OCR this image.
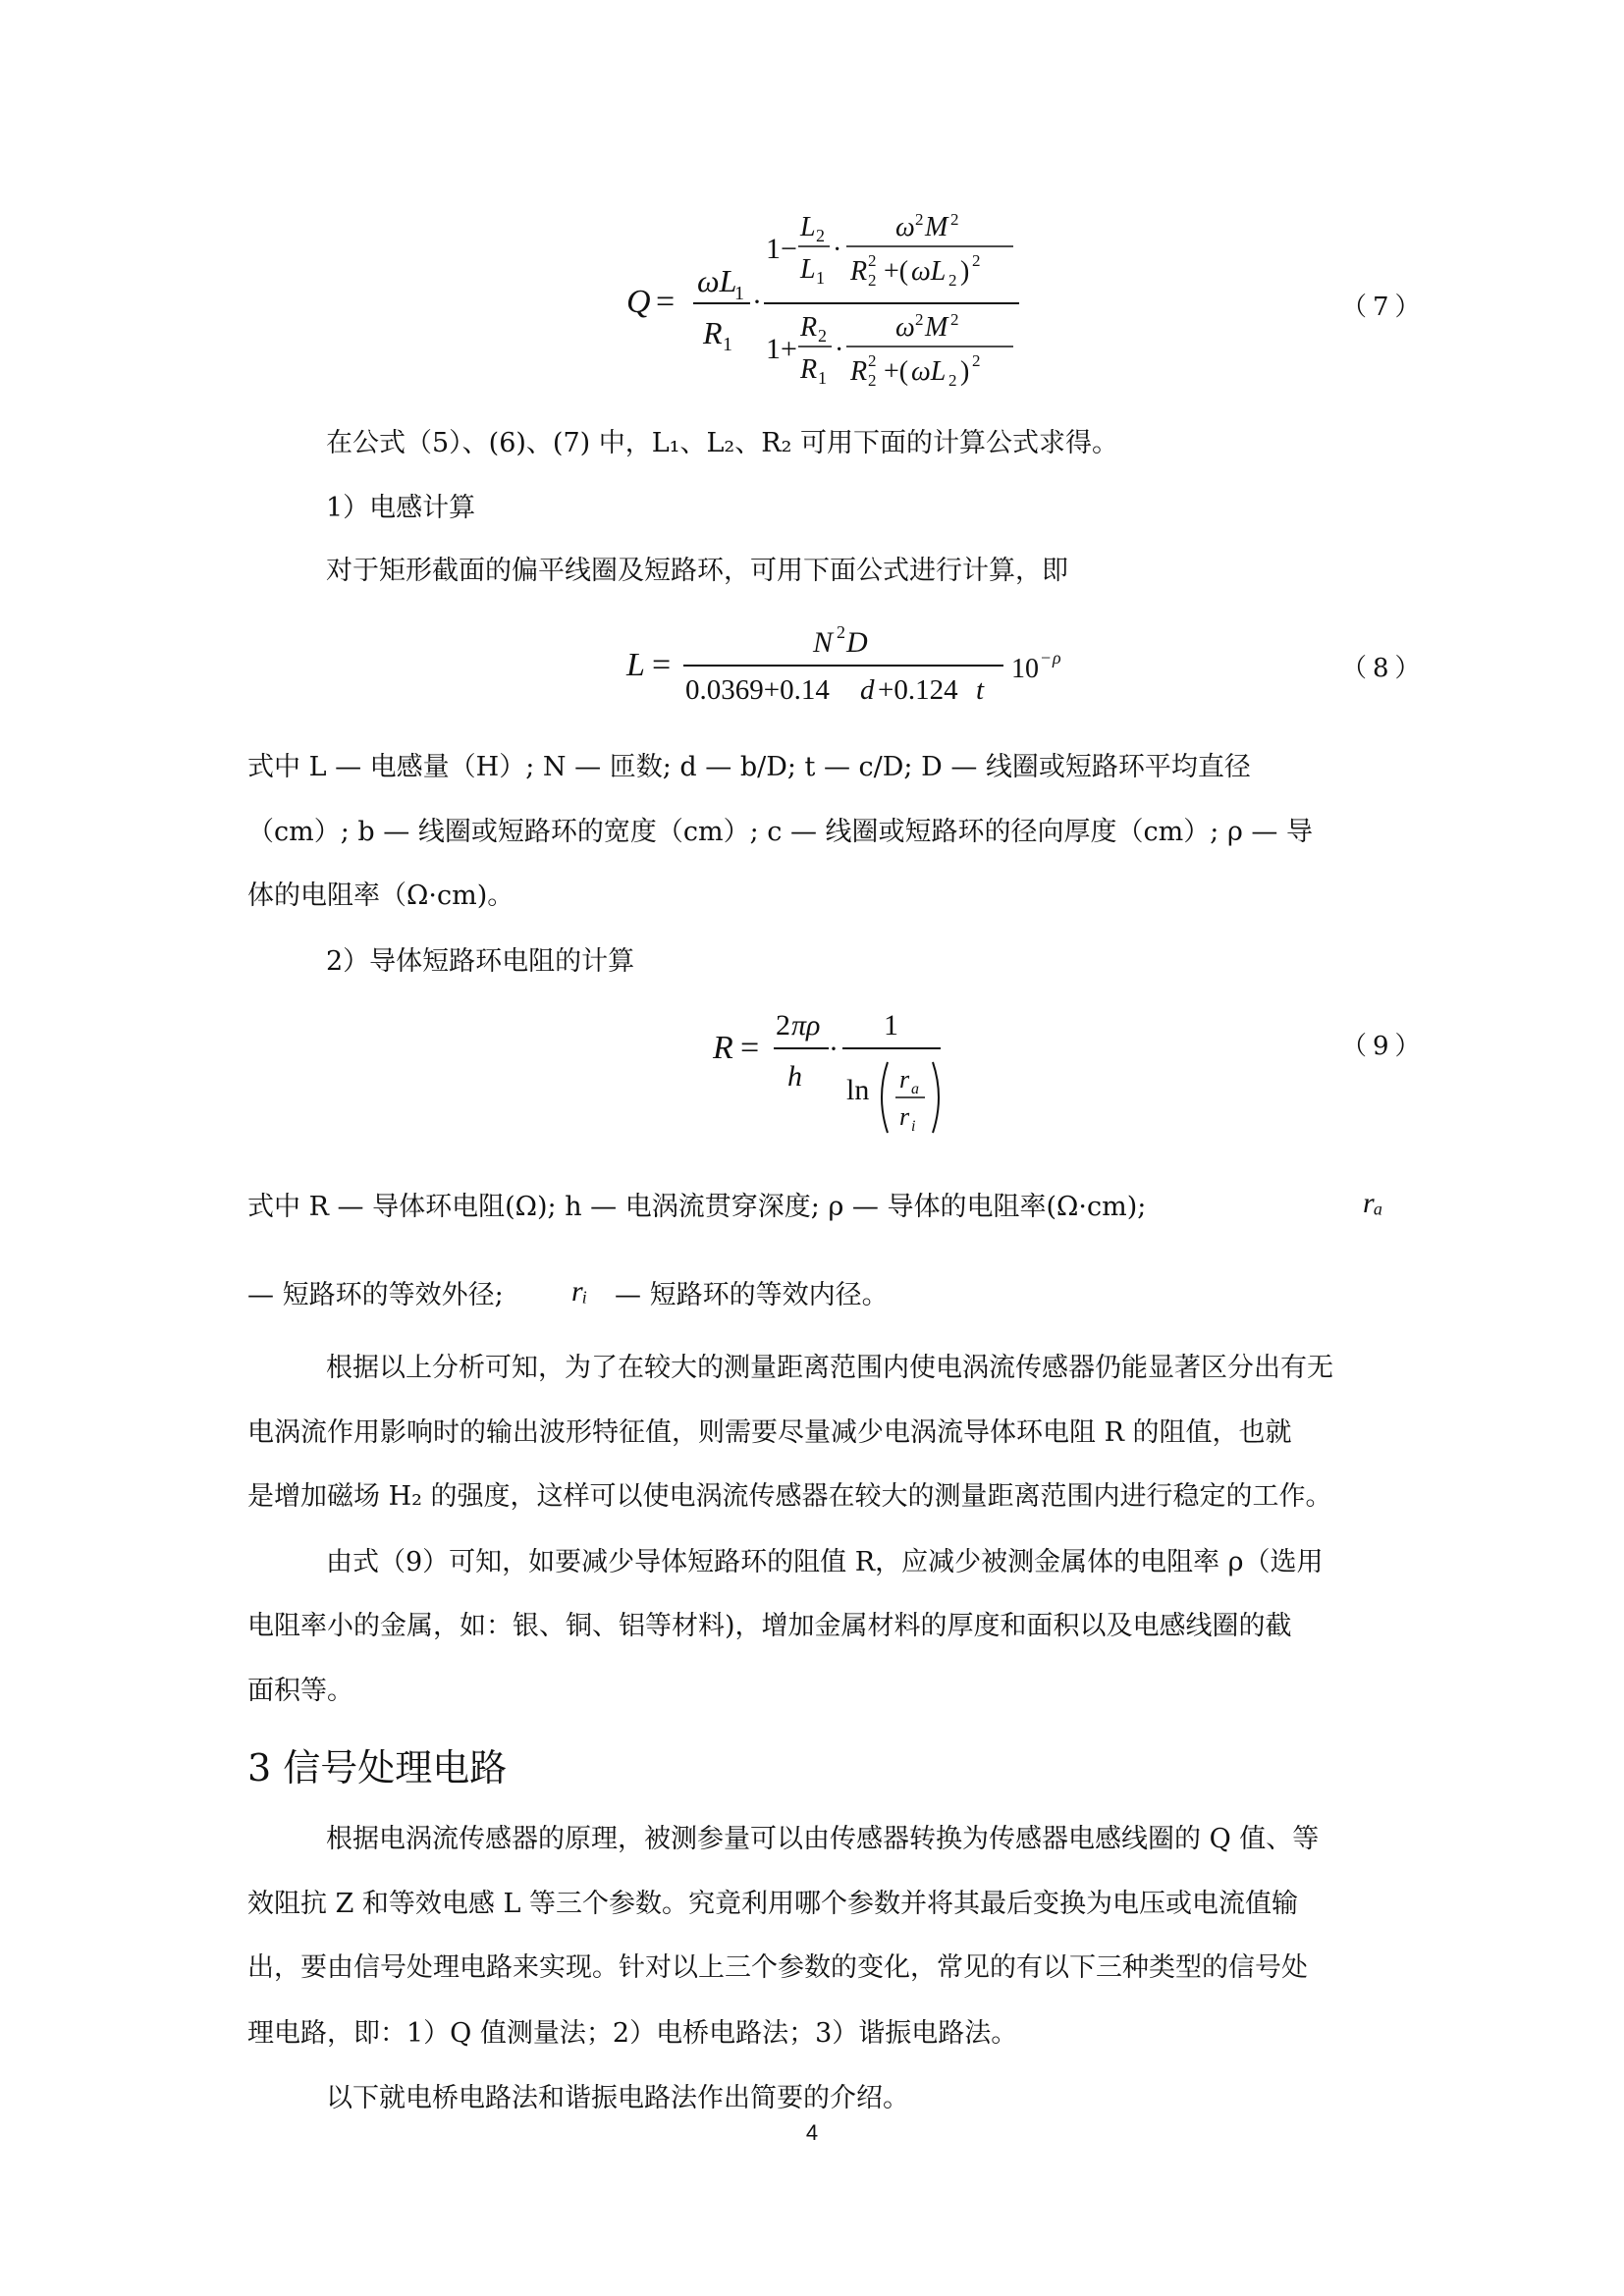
Q =
ωL
1
R 1
·
1−
L 2
L 1
·
ω 2 M 2
R 2
2 +( ωL 2 ) 2
1+
R 2
R 1
·
ω 2 M 2
R 2
2 +( ωL 2 ) 2
（7）
在公式（5）、(6)、(7) 中，L₁、L₂、R₂ 可用下面的计算公式求得。
1）电感计算
对于矩形截面的偏平线圈及短路环，可用下面公式进行计算，即
L =
N 2 D
0.0369+0.14 d +0.124 t
10 − ρ	（8）
式中 L — 电感量（H）; N — 匝数; d — b/D; t — c/D; D — 线圈或短路环平均直径
（cm）; b — 线圈或短路环的宽度（cm）; c — 线圈或短路环的径向厚度（cm）; ρ — 导
体的电阻率（Ω·cm)。
2）导体短路环电阻的计算
R =
2 πρ
h
·
1
ln r a
r i
（9）
式中 R — 导体环电阻(Ω); h — 电涡流贯穿深度; ρ — 导体的电阻率(Ω·cm);	rₐ
— 短路环的等效外径; rᵢ — 短路环的等效内径。
根据以上分析可知，为了在较大的测量距离范围内使电涡流传感器仍能显著区分出有无
电涡流作用影响时的输出波形特征值，则需要尽量减少电涡流导体环电阻 R 的阻值，也就
是增加磁场 H₂ 的强度，这样可以使电涡流传感器在较大的测量距离范围内进行稳定的工作。
由式（9）可知，如要减少导体短路环的阻值 R，应减少被测金属体的电阻率 ρ（选用
电阻率小的金属，如：银、铜、铝等材料)，增加金属材料的厚度和面积以及电感线圈的截
面积等。
3 信号处理电路
根据电涡流传感器的原理，被测参量可以由传感器转换为传感器电感线圈的 Q 值、等
效阻抗 Z 和等效电感 L 等三个参数。究竟利用哪个参数并将其最后变换为电压或电流值输
出，要由信号处理电路来实现。针对以上三个参数的变化，常见的有以下三种类型的信号处
理电路，即：1）Q 值测量法；2）电桥电路法；3）谐振电路法。
以下就电桥电路法和谐振电路法作出简要的介绍。
4
